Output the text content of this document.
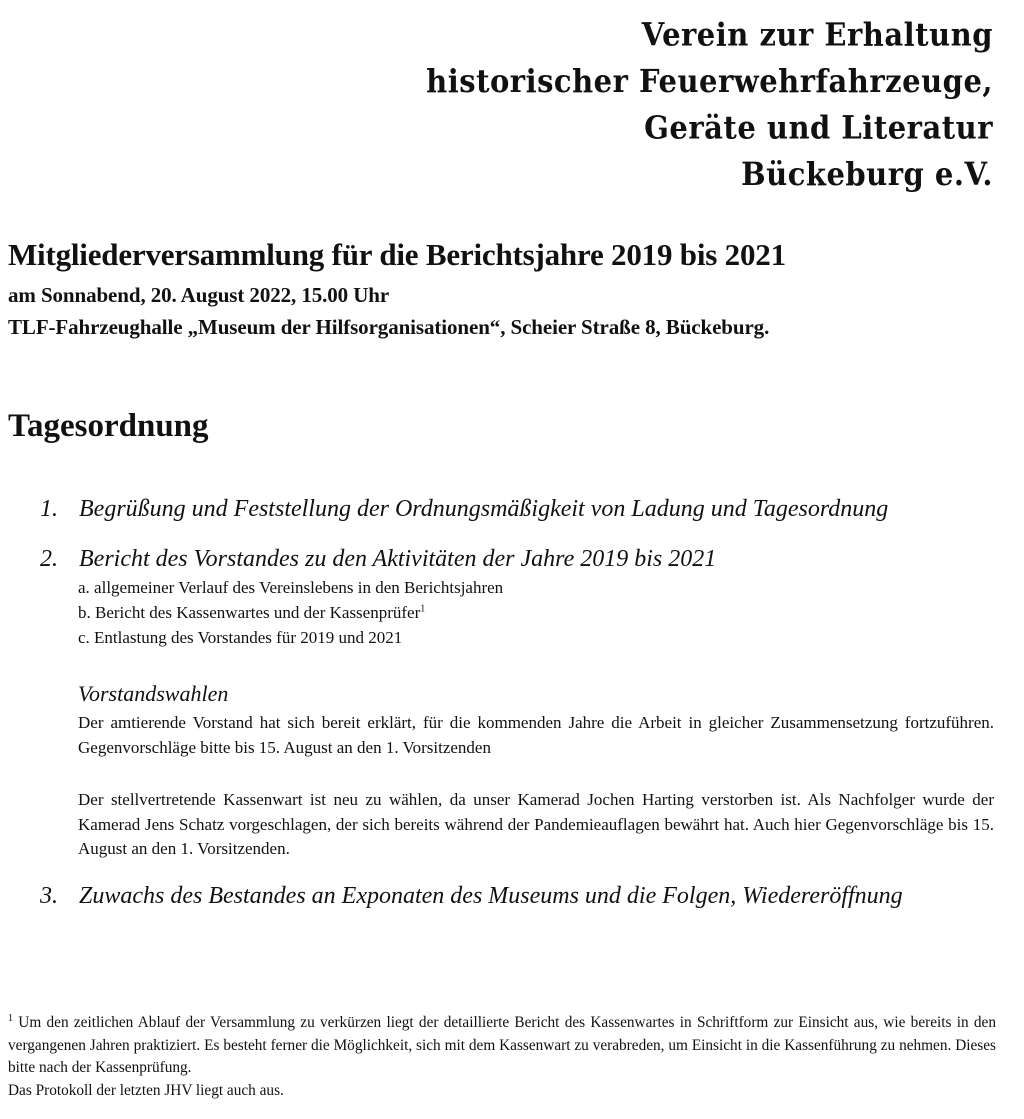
Verein zur Erhaltung
historischer Feuerwehrfahrzeuge,
Geräte und Literatur
Bückeburg e.V.
Mitgliederversammlung für die Berichtsjahre 2019 bis 2021
am Sonnabend, 20. August 2022, 15.00 Uhr
TLF-Fahrzeughalle „Museum der Hilfsorganisationen“, Scheier Straße 8, Bückeburg.
Tagesordnung
1. Begrüßung und Feststellung der Ordnungsmäßigkeit von Ladung und Tagesordnung
2. Bericht des Vorstandes zu den Aktivitäten der Jahre 2019 bis 2021
a. allgemeiner Verlauf des Vereinslebens in den Berichtsjahren
b. Bericht des Kassenwartes und der Kassenprüfer$^1$
c. Entlastung des Vorstandes für 2019 und 2021
Vorstandswahlen
Der amtierende Vorstand hat sich bereit erklärt, für die kommenden Jahre die Arbeit in gleicher Zusammensetzung fortzuführen. Gegenvorschläge bitte bis 15. August an den 1. Vorsitzenden
Der stellvertretende Kassenwart ist neu zu wählen, da unser Kamerad Jochen Harting verstorben ist. Als Nachfolger wurde der Kamerad Jens Schatz vorgeschlagen, der sich bereits während der Pandemieauflagen bewährt hat. Auch hier Gegenvorschläge bis 15. August an den 1. Vorsitzenden.
3. Zuwachs des Bestandes an Exponaten des Museums und die Folgen, Wiedereröffnung

$^1$ Um den zeitlichen Ablauf der Versammlung zu verkürzen liegt der detaillierte Bericht des Kassenwartes in Schriftform zur Einsicht aus, wie bereits in den vergangenen Jahren praktiziert. Es besteht ferner die Möglichkeit, sich mit dem Kassenwart zu verabreden, um Einsicht in die Kassenführung zu nehmen. Dieses bitte nach der Kassenprüfung.

Das Protokoll der letzten JHV liegt auch aus.
